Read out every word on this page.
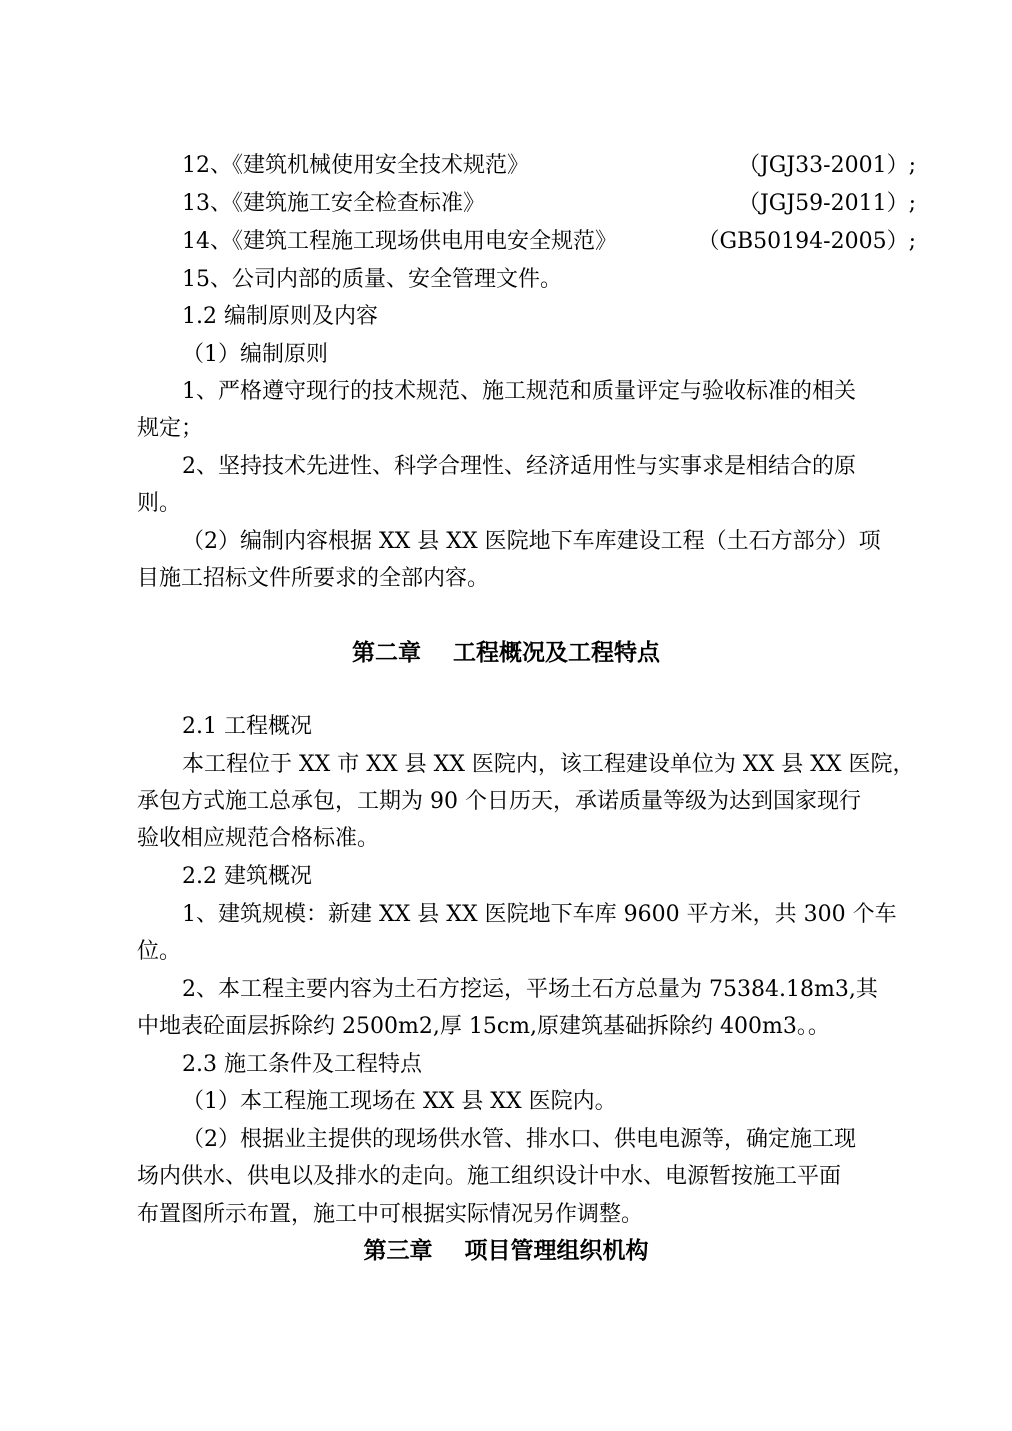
12、《建筑机械使用安全技术规范》	（JGJ33-2001）;
13、《建筑施工安全检查标准》	（JGJ59-2011）;
14、《建筑工程施工现场供电用电安全规范》	（GB50194-2005）;
15、公司内部的质量、安全管理文件。
1.2 编制原则及内容
（1）编制原则
1、严格遵守现行的技术规范、施工规范和质量评定与验收标准的相关
规定；
2、坚持技术先进性、科学合理性、经济适用性与实事求是相结合的原
则。
（2）编制内容根据 XX 县 XX 医院地下车库建设工程（土石方部分）项
目施工招标文件所要求的全部内容。
第二章    工程概况及工程特点
2.1 工程概况
本工程位于 XX 市 XX 县 XX 医院内，该工程建设单位为 XX 县 XX 医院，
承包方式施工总承包，工期为 90 个日历天，承诺质量等级为达到国家现行
验收相应规范合格标准。
2.2 建筑概况
1、建筑规模：新建 XX 县 XX 医院地下车库 9600 平方米，共 300 个车
位。
2、本工程主要内容为土石方挖运，平场土石方总量为 75384.18m3,其
中地表砼面层拆除约 2500m2,厚 15cm,原建筑基础拆除约 400m3。。
2.3 施工条件及工程特点
（1）本工程施工现场在 XX 县 XX 医院内。
（2）根据业主提供的现场供水管、排水口、供电电源等，确定施工现
场内供水、供电以及排水的走向。施工组织设计中水、电源暂按施工平面
布置图所示布置，施工中可根据实际情况另作调整。
第三章    项目管理组织机构
